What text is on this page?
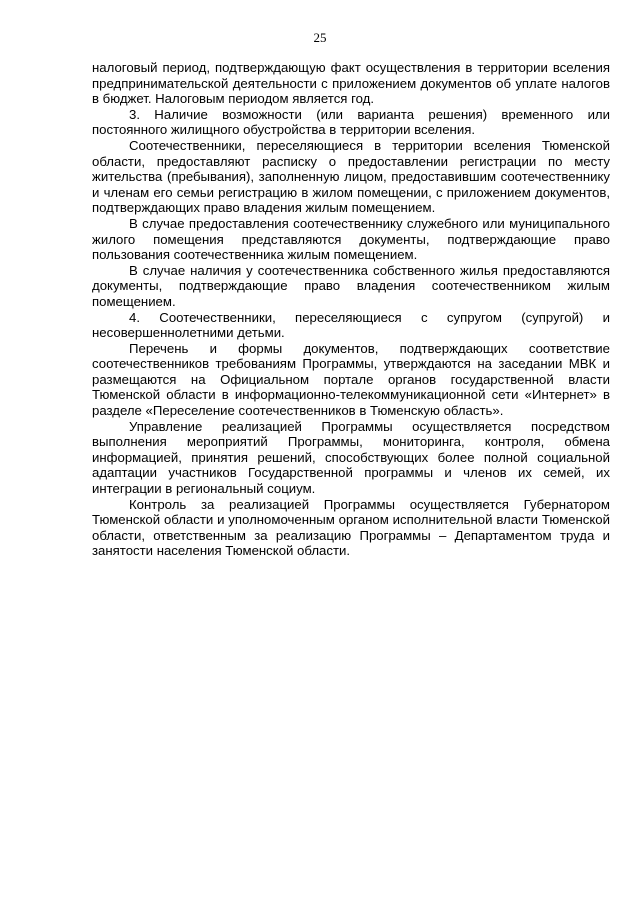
25

налоговый период, подтверждающую факт осуществления в территории вселения предпринимательской деятельности с приложением документов об уплате налогов в бюджет. Налоговым периодом является год.

3. Наличие возможности (или варианта решения) временного или постоянного жилищного обустройства в территории вселения.

Соотечественники, переселяющиеся в территории вселения Тюменской области, предоставляют расписку о предоставлении регистрации по месту жительства (пребывания), заполненную лицом, предоставившим соотечественнику и членам его семьи регистрацию в жилом помещении, с приложением документов, подтверждающих право владения жилым помещением.

В случае предоставления соотечественнику служебного или муниципального жилого помещения представляются документы, подтверждающие право пользования соотечественника жилым помещением.

В случае наличия у соотечественника собственного жилья предоставляются документы, подтверждающие право владения соотечественником жилым помещением.

4. Соотечественники, переселяющиеся с супругом (супругой) и несовершеннолетними детьми.

Перечень и формы документов, подтверждающих соответствие соотечественников требованиям Программы, утверждаются на заседании МВК и размещаются на Официальном портале органов государственной власти Тюменской области в информационно-телекоммуникационной сети «Интернет» в разделе «Переселение соотечественников в Тюменскую область».

Управление реализацией Программы осуществляется посредством выполнения мероприятий Программы, мониторинга, контроля, обмена информацией, принятия решений, способствующих более полной социальной адаптации участников Государственной программы и членов их семей, их интеграции в региональный социум.

Контроль за реализацией Программы осуществляется Губернатором Тюменской области и уполномоченным органом исполнительной власти Тюменской области, ответственным за реализацию Программы – Департаментом труда и занятости населения Тюменской области.
